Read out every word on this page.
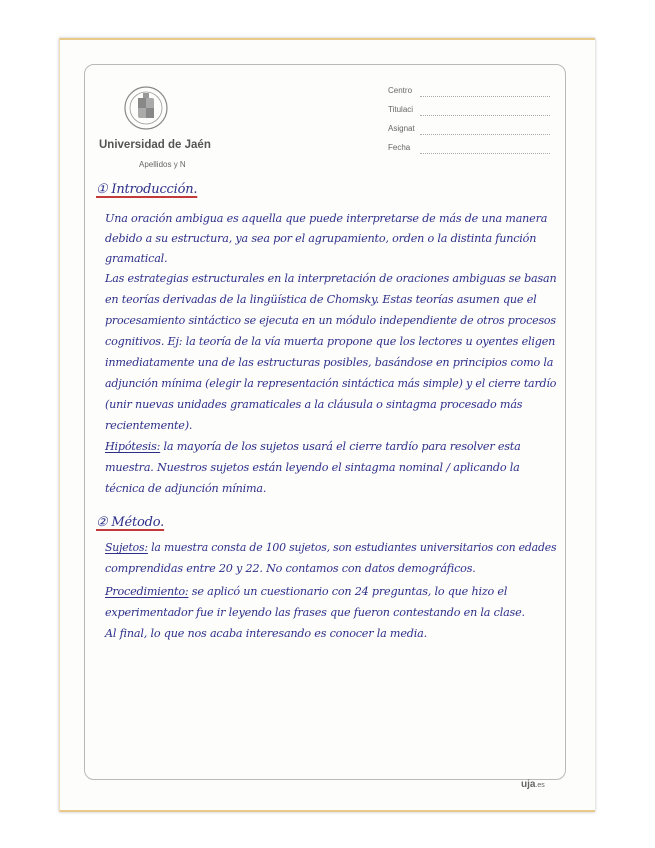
Universidad de Jaén
Apellidos y N
Centro
Titulaci
Asignat
Fecha
① Introducción.
Una oración ambigua es aquella que puede interpretarse de más de una manera
debido a su estructura, ya sea por el agrupamiento, orden o la distinta función
gramatical.
Las estrategias estructurales en la interpretación de oraciones ambiguas se basan
en teorías derivadas de la lingüística de Chomsky. Estas teorías asumen que el
procesamiento sintáctico se ejecuta en un módulo independiente de otros procesos
cognitivos. Ej: la teoría de la vía muerta propone que los lectores u oyentes eligen
inmediatamente una de las estructuras posibles, basándose en principios como la
adjunción mínima (elegir la representación sintáctica más simple) y el cierre tardío
(unir nuevas unidades gramaticales a la cláusula o sintagma procesado más
recientemente).
Hipótesis: la mayoría de los sujetos usará el cierre tardío para resolver esta
muestra. Nuestros sujetos están leyendo el sintagma nominal / aplicando la
técnica de adjunción mínima.
② Método.
Sujetos: la muestra consta de 100 sujetos, son estudiantes universitarios con edades
comprendidas entre 20 y 22. No contamos con datos demográficos.
Procedimiento: se aplicó un cuestionario con 24 preguntas, lo que hizo el
experimentador fue ir leyendo las frases que fueron contestando en la clase.
Al final, lo que nos acaba interesando es conocer la media.
uja.es
